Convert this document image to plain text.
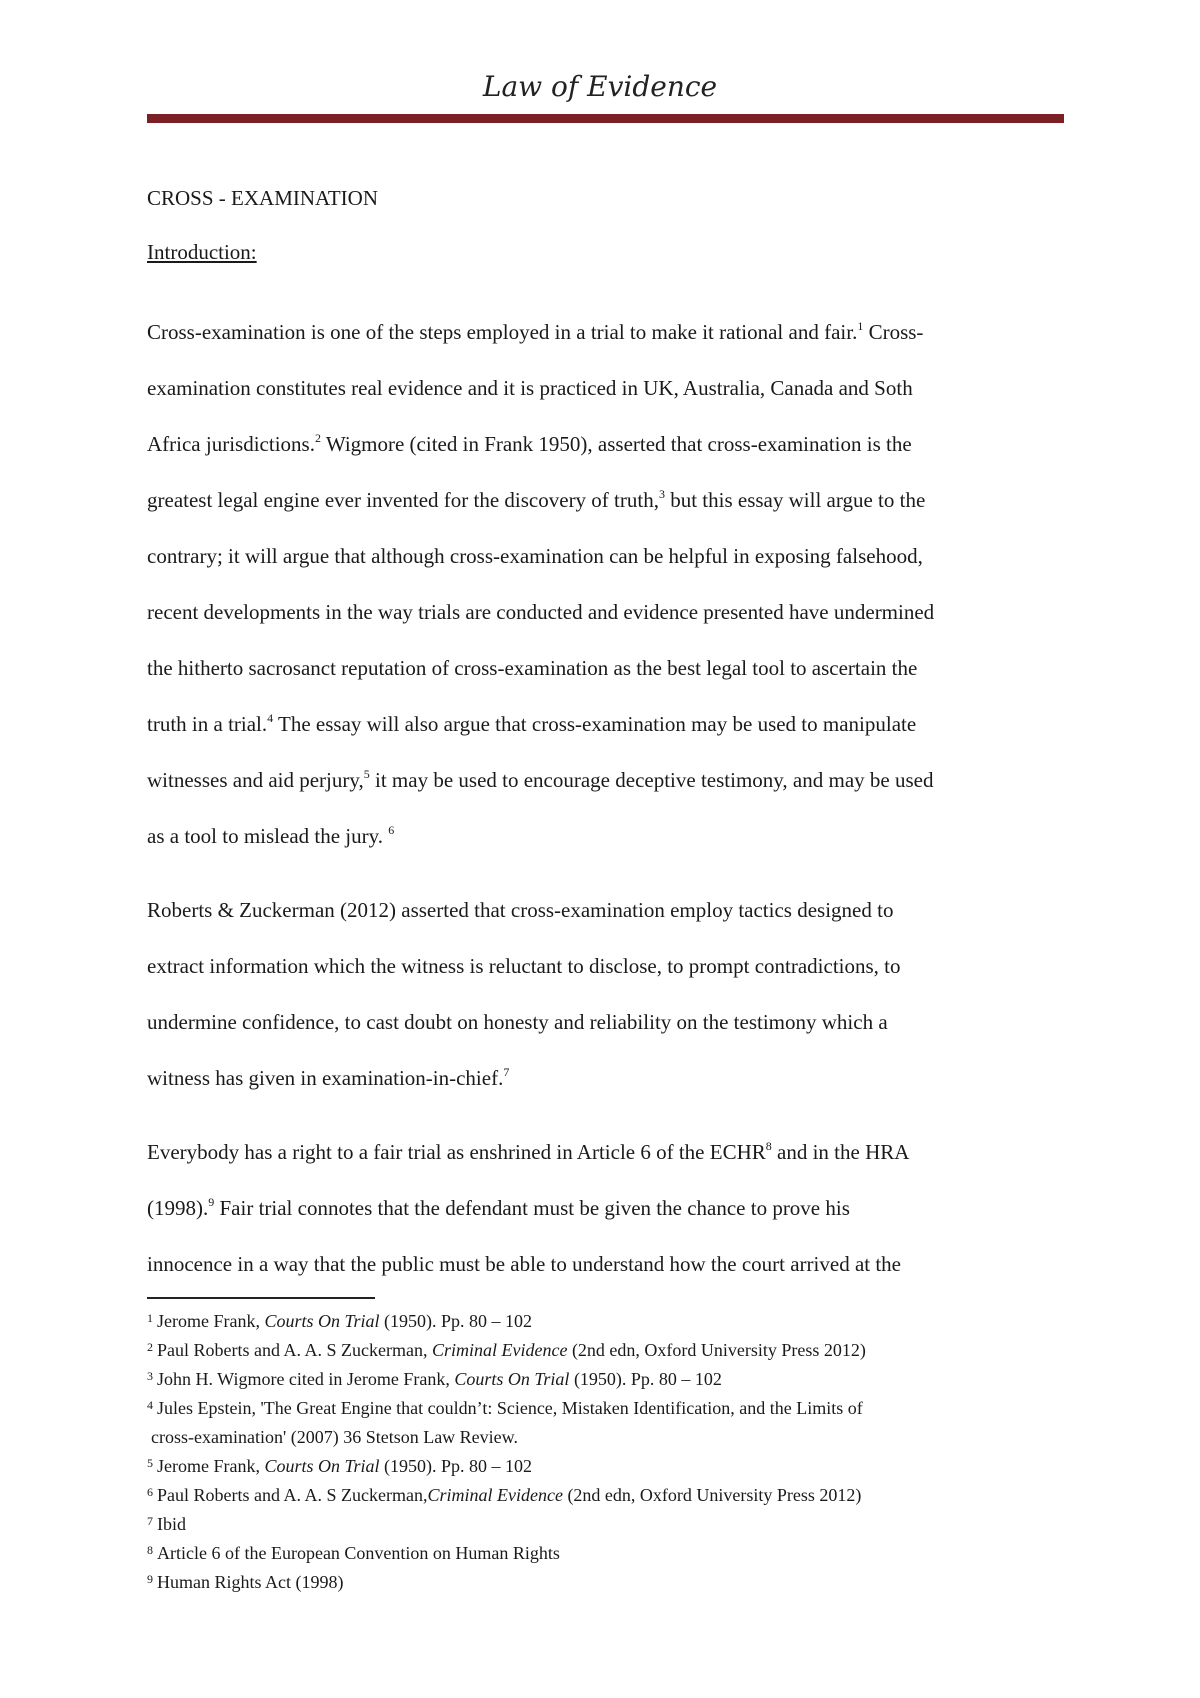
Law of Evidence

CROSS - EXAMINATION

Introduction:

Cross-examination is one of the steps employed in a trial to make it rational and fair.$^1$ Cross-
examination constitutes real evidence and it is practiced in UK, Australia, Canada and Soth
Africa jurisdictions.$^2$ Wigmore (cited in Frank 1950), asserted that cross-examination is the
greatest legal engine ever invented for the discovery of truth,$^3$ but this essay will argue to the
contrary; it will argue that although cross-examination can be helpful in exposing falsehood,
recent developments in the way trials are conducted and evidence presented have undermined
the hitherto sacrosanct reputation of cross-examination as the best legal tool to ascertain the
truth in a trial.$^4$ The essay will also argue that cross-examination may be used to manipulate
witnesses and aid perjury,$^5$ it may be used to encourage deceptive testimony, and may be used
as a tool to mislead the jury. $^6$
Roberts & Zuckerman (2012) asserted that cross-examination employ tactics designed to
extract information which the witness is reluctant to disclose, to prompt contradictions, to
undermine confidence, to cast doubt on honesty and reliability on the testimony which a
witness has given in examination-in-chief.$^7$
Everybody has a right to a fair trial as enshrined in Article 6 of the ECHR$^8$ and in the HRA
(1998).$^9$ Fair trial connotes that the defendant must be given the chance to prove his
innocence in a way that the public must be able to understand how the court arrived at the

$^1$ Jerome Frank, Courts On Trial (1950). Pp. 80 – 102

$^2$ Paul Roberts and A. A. S Zuckerman, Criminal Evidence (2nd edn, Oxford University Press 2012)

$^3$ John H. Wigmore cited in Jerome Frank, Courts On Trial (1950). Pp. 80 – 102

$^4$ Jules Epstein, 'The Great Engine that couldn’t: Science, Mistaken Identification, and the Limits of

cross-examination' (2007) 36 Stetson Law Review.

$^5$ Jerome Frank, Courts On Trial (1950). Pp. 80 – 102

$^6$ Paul Roberts and A. A. S Zuckerman,Criminal Evidence (2nd edn, Oxford University Press 2012)

$^7$ Ibid

$^8$ Article 6 of the European Convention on Human Rights

$^9$ Human Rights Act (1998)
